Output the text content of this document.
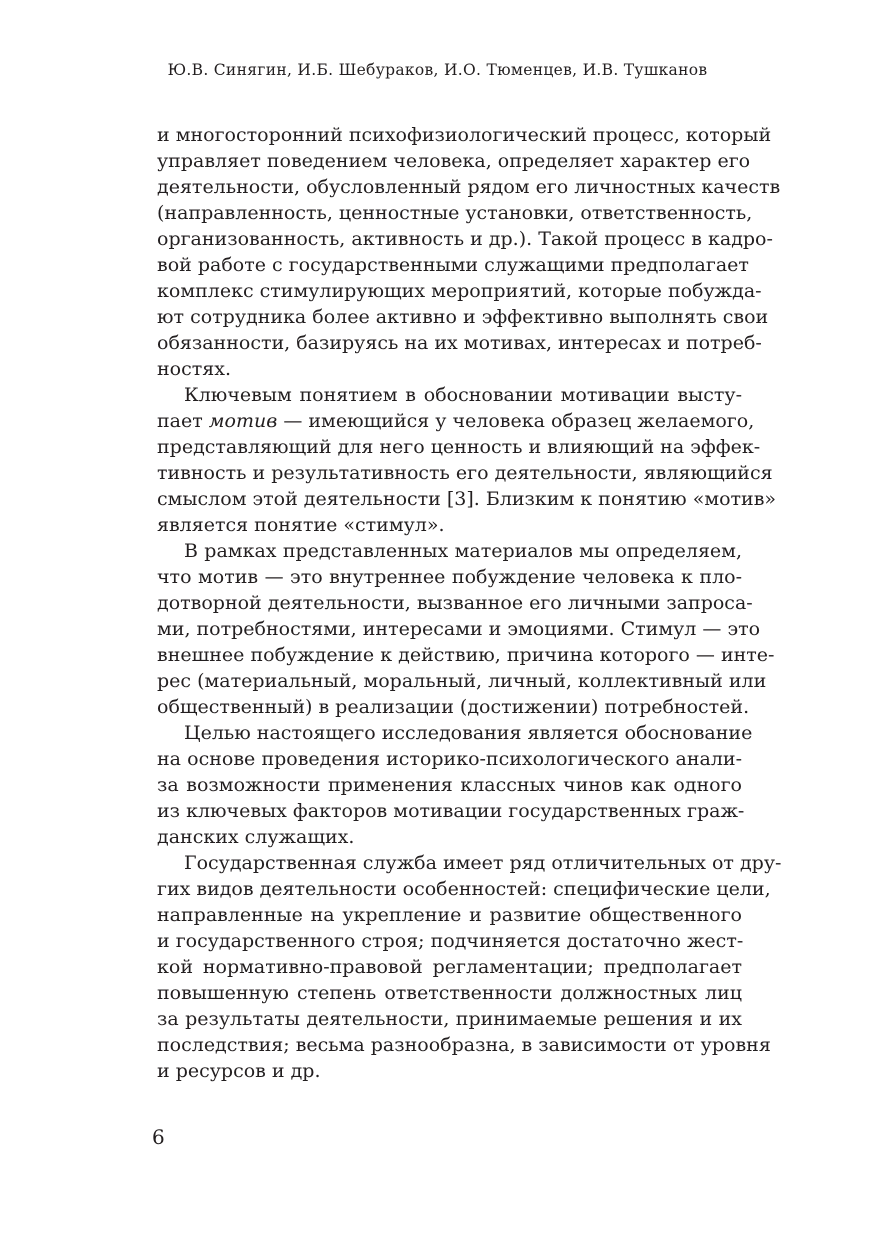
Ю.В. Синягин, И.Б. Шебураков, И.О. Тюменцев, И.В. Тушканов
и многосторонний психофизиологический процесс, который
управляет поведением человека, определяет характер его
деятельности, обусловленный рядом его личностных качеств
(направленность, ценностные установки, ответственность,
организованность, активность и др.). Такой процесс в кадро-
вой работе с государственными служащими предполагает
комплекс стимулирующих мероприятий, которые побужда-
ют сотрудника более активно и эффективно выполнять свои
обязанности, базируясь на их мотивах, интересах и потреб-
ностях.
Ключевым понятием в обосновании мотивации высту-
пает мотив — имеющийся у человека образец желаемого,
представляющий для него ценность и влияющий на эффек-
тивность и результативность его деятельности, являющийся
смыслом этой деятельности [3]. Близким к понятию «мотив»
является понятие «стимул».
В рамках представленных материалов мы определяем,
что мотив — это внутреннее побуждение человека к пло-
дотворной деятельности, вызванное его личными запроса-
ми, потребностями, интересами и эмоциями. Стимул — это
внешнее побуждение к действию, причина которого — инте-
рес (материальный, моральный, личный, коллективный или
общественный) в реализации (достижении) потребностей.
Целью настоящего исследования является обоснование
на основе проведения историко-психологического анали-
за возможности применения классных чинов как одного
из ключевых факторов мотивации государственных граж-
данских служащих.
Государственная служба имеет ряд отличительных от дру-
гих видов деятельности особенностей: специфические цели,
направленные на укрепление и развитие общественного
и государственного строя; подчиняется достаточно жест-
кой нормативно-правовой регламентации; предполагает
повышенную степень ответственности должностных лиц
за результаты деятельности, принимаемые решения и их
последствия; весьма разнообразна, в зависимости от уровня
и ресурсов и др.
6
